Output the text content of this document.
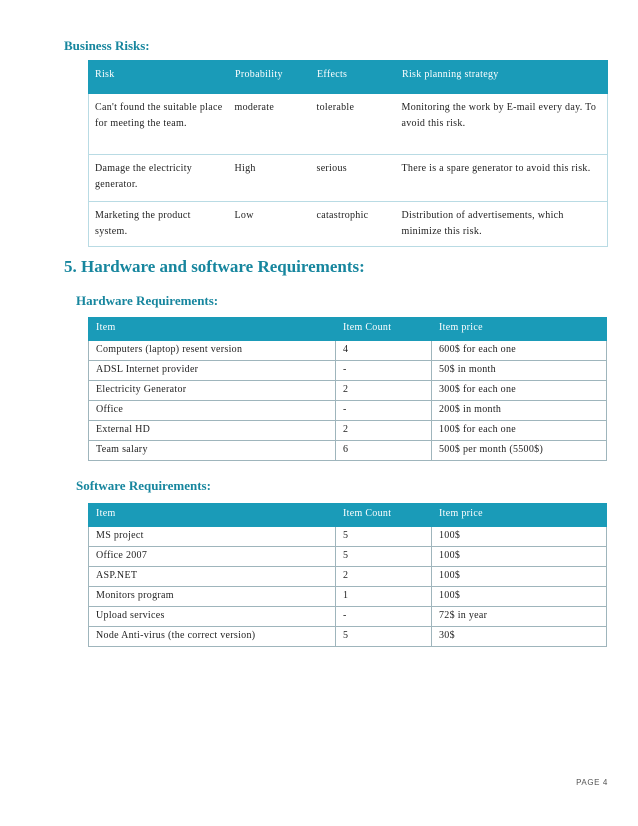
Business Risks:
Risk	Probability	Effects	Risk planning strategy
Can't found the suitable place for meeting the team.	moderate	tolerable	Monitoring the work by E-mail every day. To avoid this risk.
Damage the electricity generator.	High	serious	There is a spare generator to avoid this risk.
Marketing the product system.	Low	catastrophic	Distribution of advertisements, which minimize this risk.
5. Hardware and software Requirements:
Hardware Requirements:
Item	Item Count	Item price
Computers (laptop) resent version	4	600$ for each one
ADSL Internet provider	-	50$ in month
Electricity Generator	2	300$ for each one
Office	-	200$ in month
External HD	2	100$ for each one
Team salary	6	500$ per month (5500$)
Software Requirements:
Item	Item Count	Item price
MS project	5	100$
Office 2007	5	100$
ASP.NET	2	100$
Monitors program	1	100$
Upload services	-	72$ in year
Node Anti-virus (the correct version)	5	30$
PAGE 4
